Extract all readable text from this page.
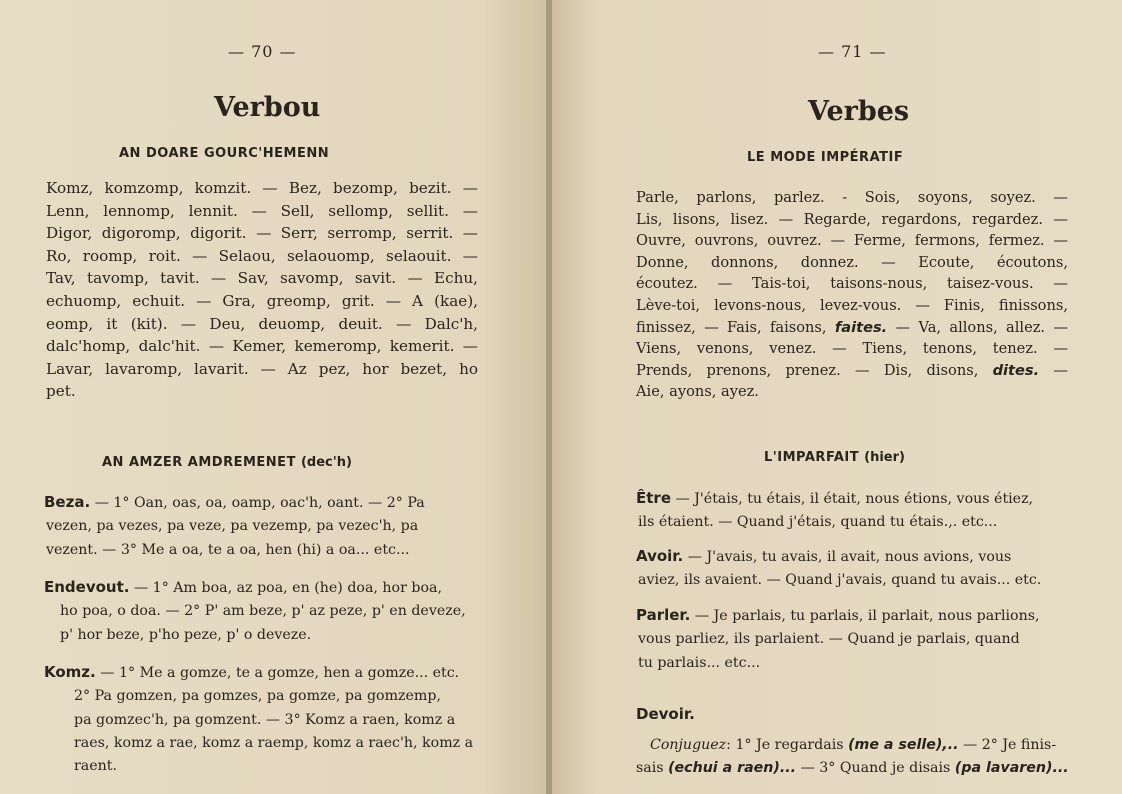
— 70 —
Verbou
AN DOARE GOURC'HEMENN
Komz, komzomp, komzit. — Bez, bezomp, bezit. —
Lenn, lennomp, lennit. — Sell, sellomp, sellit. —
Digor, digoromp, digorit. — Serr, serromp, serrit. —
Ro, roomp, roit. — Selaou, selaouomp, selaouit. —
Tav, tavomp, tavit. — Sav, savomp, savit. — Echu,
echuomp, echuit. — Gra, greomp, grit. — A (kae),
eomp, it (kit). — Deu, deuomp, deuit. — Dalc'h,
dalc'homp, dalc'hit. — Kemer, kemeromp, kemerit. —
Lavar, lavaromp, lavarit. — Az pez, hor bezet, ho
pet.
AN AMZER AMDREMENET (dec'h)
Beza. — 1° Oan, oas, oa, oamp, oac'h, oant. — 2° Pa
vezen, pa vezes, pa veze, pa vezemp, pa vezec'h, pa
vezent. — 3° Me a oa, te a oa, hen (hi) a oa... etc...
Endevout. — 1° Am boa, az poa, en (he) doa, hor boa,
ho poa, o doa. — 2° P' am beze, p' az peze, p' en deveze,
p' hor beze, p'ho peze, p' o deveze.
Komz. — 1° Me a gomze, te a gomze, hen a gomze... etc.
2° Pa gomzen, pa gomzes, pa gomze, pa gomzemp,
pa gomzec'h, pa gomzent. — 3° Komz a raen, komz a
raes, komz a rae, komz a raemp, komz a raec'h, komz a
raent.
— 71 —
Verbes
LE MODE IMPÉRATIF
Parle, parlons, parlez. - Sois, soyons, soyez. —
Lis, lisons, lisez. — Regarde, regardons, regardez. —
Ouvre, ouvrons, ouvrez. — Ferme, fermons, fermez. —
Donne, donnons, donnez. — Ecoute, écoutons,
écoutez. — Tais-toi, taisons-nous, taisez-vous. —
Lève-toi, levons-nous, levez-vous. — Finis, finissons,
finissez, — Fais, faisons, faites. — Va, allons, allez. —
Viens, venons, venez. — Tiens, tenons, tenez. —
Prends, prenons, prenez. — Dis, disons, dites. —
Aie, ayons, ayez.
L'IMPARFAIT (hier)
Être — J'étais, tu étais, il était, nous étions, vous étiez,
ils étaient. — Quand j'étais, quand tu étais.,. etc...
Avoir. — J'avais, tu avais, il avait, nous avions, vous
aviez, ils avaient. — Quand j'avais, quand tu avais... etc.
Parler. — Je parlais, tu parlais, il parlait, nous parlions,
vous parliez, ils parlaient. — Quand je parlais, quand
tu parlais... etc...
Devoir.
Conjuguez: 1° Je regardais (me a selle),.. — 2° Je finis-
sais (echui a raen)... — 3° Quand je disais (pa lavaren)...
